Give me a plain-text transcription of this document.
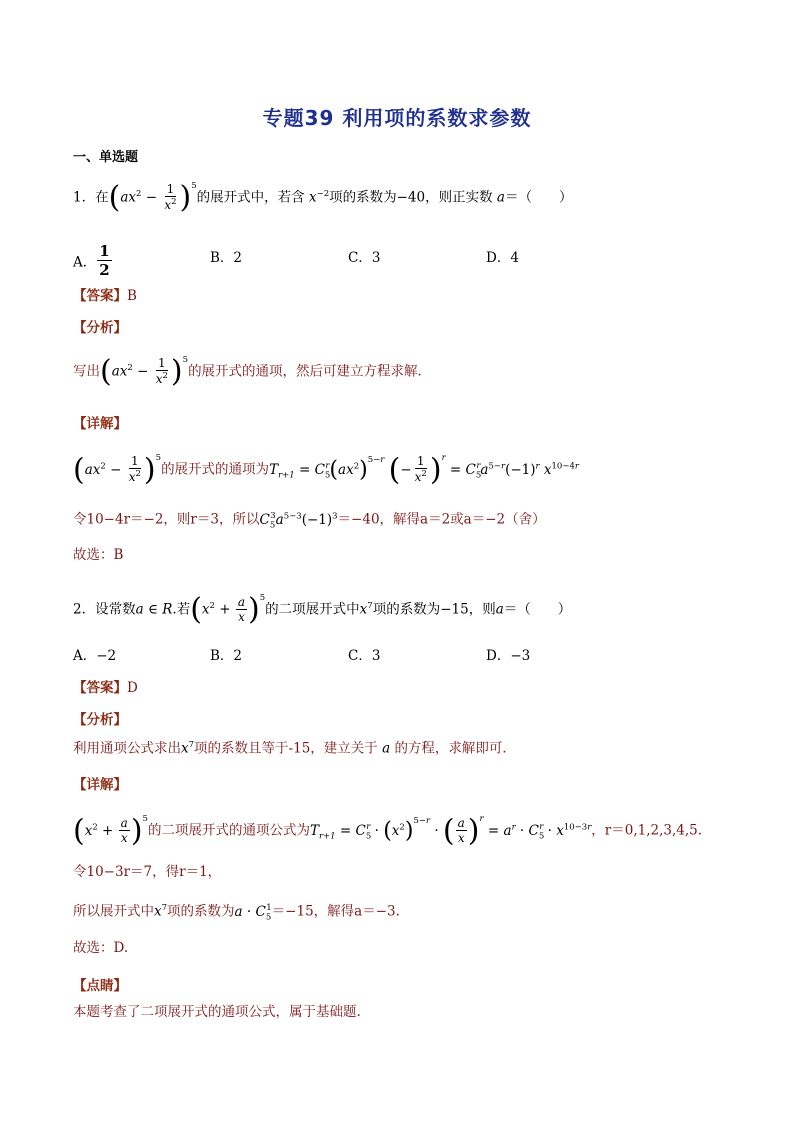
专题39 利用项的系数求参数
一、单选题
1．在$(ax^2 - \frac{1}{x^2} )^5$的展开式中，若含 $x^{-2}$项的系数为−40，则正实数 a＝（　　）
A． $\frac{1}{2}$	B．2	C．3	D．4
【答案】B
【分析】
写出$(ax^2 - \frac{1}{x^2} )^5$的展开式的通项，然后可建立方程求解.
【详解】
$(ax^2 - \frac{1}{x^2} )^5$的展开式的通项为$T_{r+1} = C_5^r(ax^2)^{5-r}$ (− $\frac{1}{x^2} )^r = C_5^ra^{5-r}(-1)^r$ $x^{10-4r}$
令10−4r＝−2，则r＝3，所以$C_5^3a^{5-3}(-1)^3=-40$，解得a＝2或a＝−2（舍）
故选：B
2．设常数a ∈ R.若$(x^2 + \frac{a}{x} )^5$的二项展开式中$x^7$项的系数为−15，则a＝（　　）
A．−2	B．2	C．3	D．−3
【答案】D
【分析】
利用通项公式求出$x^7$项的系数且等于-15，建立关于 a 的方程，求解即可．
【详解】
$(x^2 + \frac{a}{x} )^5$的二项展开式的通项公式为$T_{r+1} = C_5^r \cdot (x^2)^{5-r}$ · ( $\frac{a}{x} )^r = a^r \cdot C_5^r \cdot x^{10-3r}$，r＝0,1,2,3,4,5.
令10−3r＝7，得r＝1，
所以展开式中$x^7$项的系数为$a \cdot C_5^1=-15$，解得a＝−3.
故选：D.
【点睛】
本题考查了二项展开式的通项公式，属于基础题.
